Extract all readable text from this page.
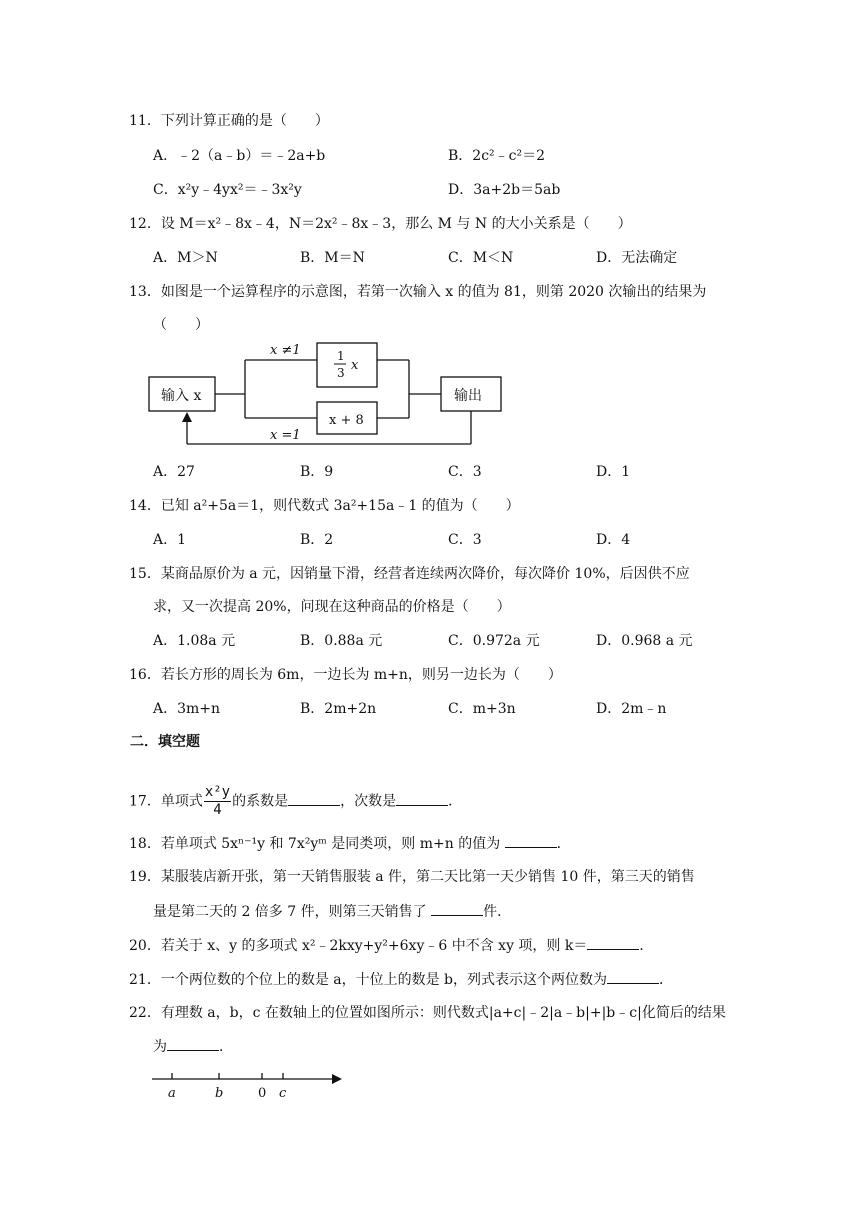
11．下列计算正确的是（　　）
A．﹣2（a﹣b）＝﹣2a+b	B．2c²﹣c²＝2
C．x²y﹣4yx²＝﹣3x²y	D．3a+2b＝5ab
12．设 M＝x²﹣8x﹣4，N＝2x²﹣8x﹣3，那么 M 与 N 的大小关系是（　　）
A．M＞N	B．M＝N	C．M＜N	D．无法确定
13．如图是一个运算程序的示意图，若第一次输入 x 的值为 81，则第 2020 次输出的结果为
（　　）
输入 x	输出
x ≠1
x =1
1
3 x
x + 8
A．27	B．9	C．3	D．1
14．已知 a²+5a＝1，则代数式 3a²+15a﹣1 的值为（　　）
A．1	B．2	C．3	D．4
15．某商品原价为 a 元，因销量下滑，经营者连续两次降价，每次降价 10%，后因供不应
求，又一次提高 20%，问现在这种商品的价格是（　　）
A．1.08a 元	B．0.88a 元	C．0.972a 元	D．0.968 a 元
16．若长方形的周长为 6m，一边长为 m+n，则另一边长为（　　）
A．3m+n	B．2m+2n	C．m+3n	D．2m﹣n
二．填空题
17．单项式 $\frac{\text{x²y}}{4}$ 的系数是	，次数是	．
18．若单项式 5xⁿ⁻¹y 和 7x²yᵐ 是同类项，则 m+n 的值为	．
19．某服装店新开张，第一天销售服装 a 件，第二天比第一天少销售 10 件，第三天的销售
量是第二天的 2 倍多 7 件，则第三天销售了	件．
20．若关于 x、y 的多项式 x²﹣2kxy+y²+6xy﹣6 中不含 xy 项，则 k＝	．
21．一个两位数的个位上的数是 a，十位上的数是 b，列式表示这个两位数为	．
22．有理数 a，b，c 在数轴上的位置如图所示：则代数式|a+c|﹣2|a﹣b|+|b﹣c|化简后的结果
为	．
a	b	0 c
